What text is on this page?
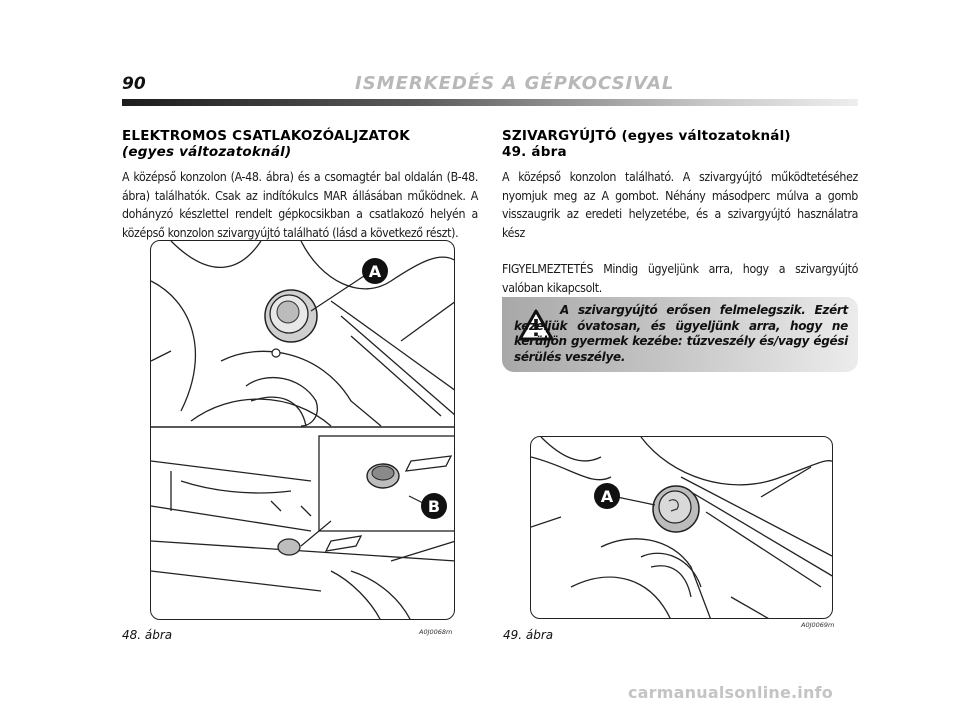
90	ISMERKEDÉS A GÉPKOCSIVAL
ELEKTROMOS CSATLAKOZÓALJZATOK
(egyes változatoknál)

A középső konzolon (A-48. ábra) és a csomagtér bal oldalán (B-48. ábra) találhatók. Csak az indítókulcs MAR állásában működnek. A dohányzó készlettel rendelt gépkocsikban a csatlakozó helyén a középső konzolon szivargyújtó található (lásd a következő részt).

SZIVARGYÚJTÓ (egyes változatoknál)
49. ábra

A középső konzolon található. A szivargyújtó működtetéséhez nyomjuk meg az A gombot. Néhány másodperc múlva a gomb visszaugrik az eredeti helyzetébe, és a szivargyújtó használatra kész

FIGYELMEZTETÉS Mindig ügyeljünk arra, hogy a szivargyújtó valóban kikapcsolt.

A szivargyújtó erősen felmelegszik. Ezért kezeljük óvatosan, és ügyeljünk arra, hogy ne kerüljön gyermek kezébe: tűzveszély és/vagy égési sérülés veszélye.

A
B
48. ábra	A0J0068m
A
49. ábra
A0J0069m
carmanualsonline.info
